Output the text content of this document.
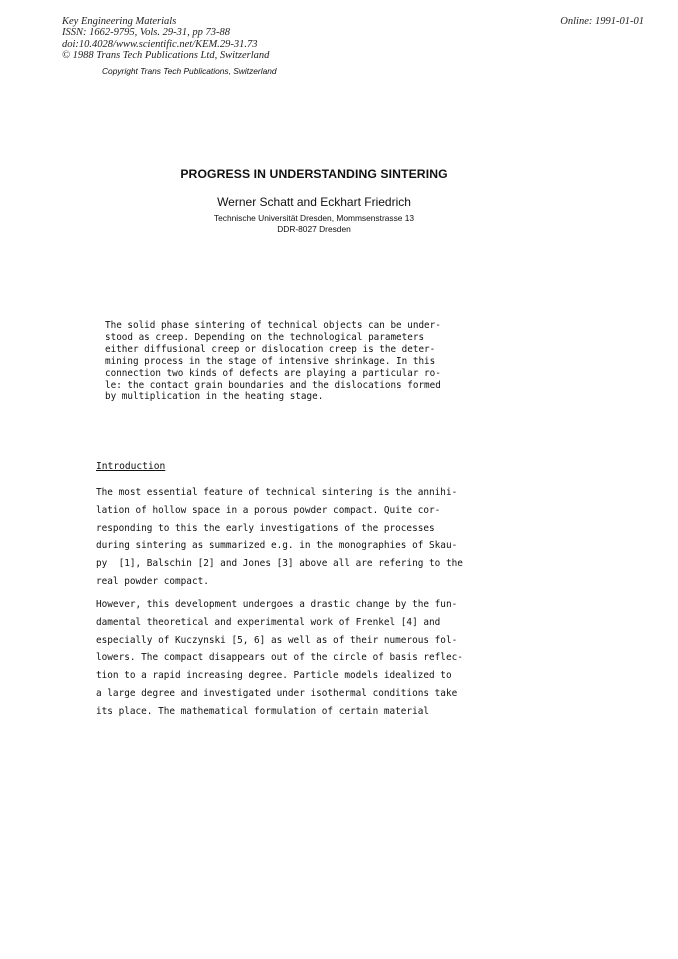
Key Engineering Materials
ISSN: 1662-9795, Vols. 29-31, pp 73-88
doi:10.4028/www.scientific.net/KEM.29-31.73
© 1988 Trans Tech Publications Ltd, Switzerland
Online: 1991-01-01
Copyright Trans Tech Publications, Switzerland
PROGRESS IN UNDERSTANDING SINTERING
Werner Schatt and Eckhart Friedrich
Technische Universität Dresden, Mommsenstrasse 13
DDR-8027 Dresden
The solid phase sintering of technical objects can be under-
stood as creep. Depending on the technological parameters
either diffusional creep or dislocation creep is the deter-
mining process in the stage of intensive shrinkage. In this
connection two kinds of defects are playing a particular ro-
le: the contact grain boundaries and the dislocations formed
by multiplication in the heating stage.
Introduction
The most essential feature of technical sintering is the annihi-
lation of hollow space in a porous powder compact. Quite cor-
responding to this the early investigations of the processes
during sintering as summarized e.g. in the monographies of Skau-
py  [1], Balschin [2] and Jones [3] above all are refering to the
real powder compact.
However, this development undergoes a drastic change by the fun-
damental theoretical and experimental work of Frenkel [4] and
especially of Kuczynski [5, 6] as well as of their numerous fol-
lowers. The compact disappears out of the circle of basis reflec-
tion to a rapid increasing degree. Particle models idealized to
a large degree and investigated under isothermal conditions take
its place. The mathematical formulation of certain material
